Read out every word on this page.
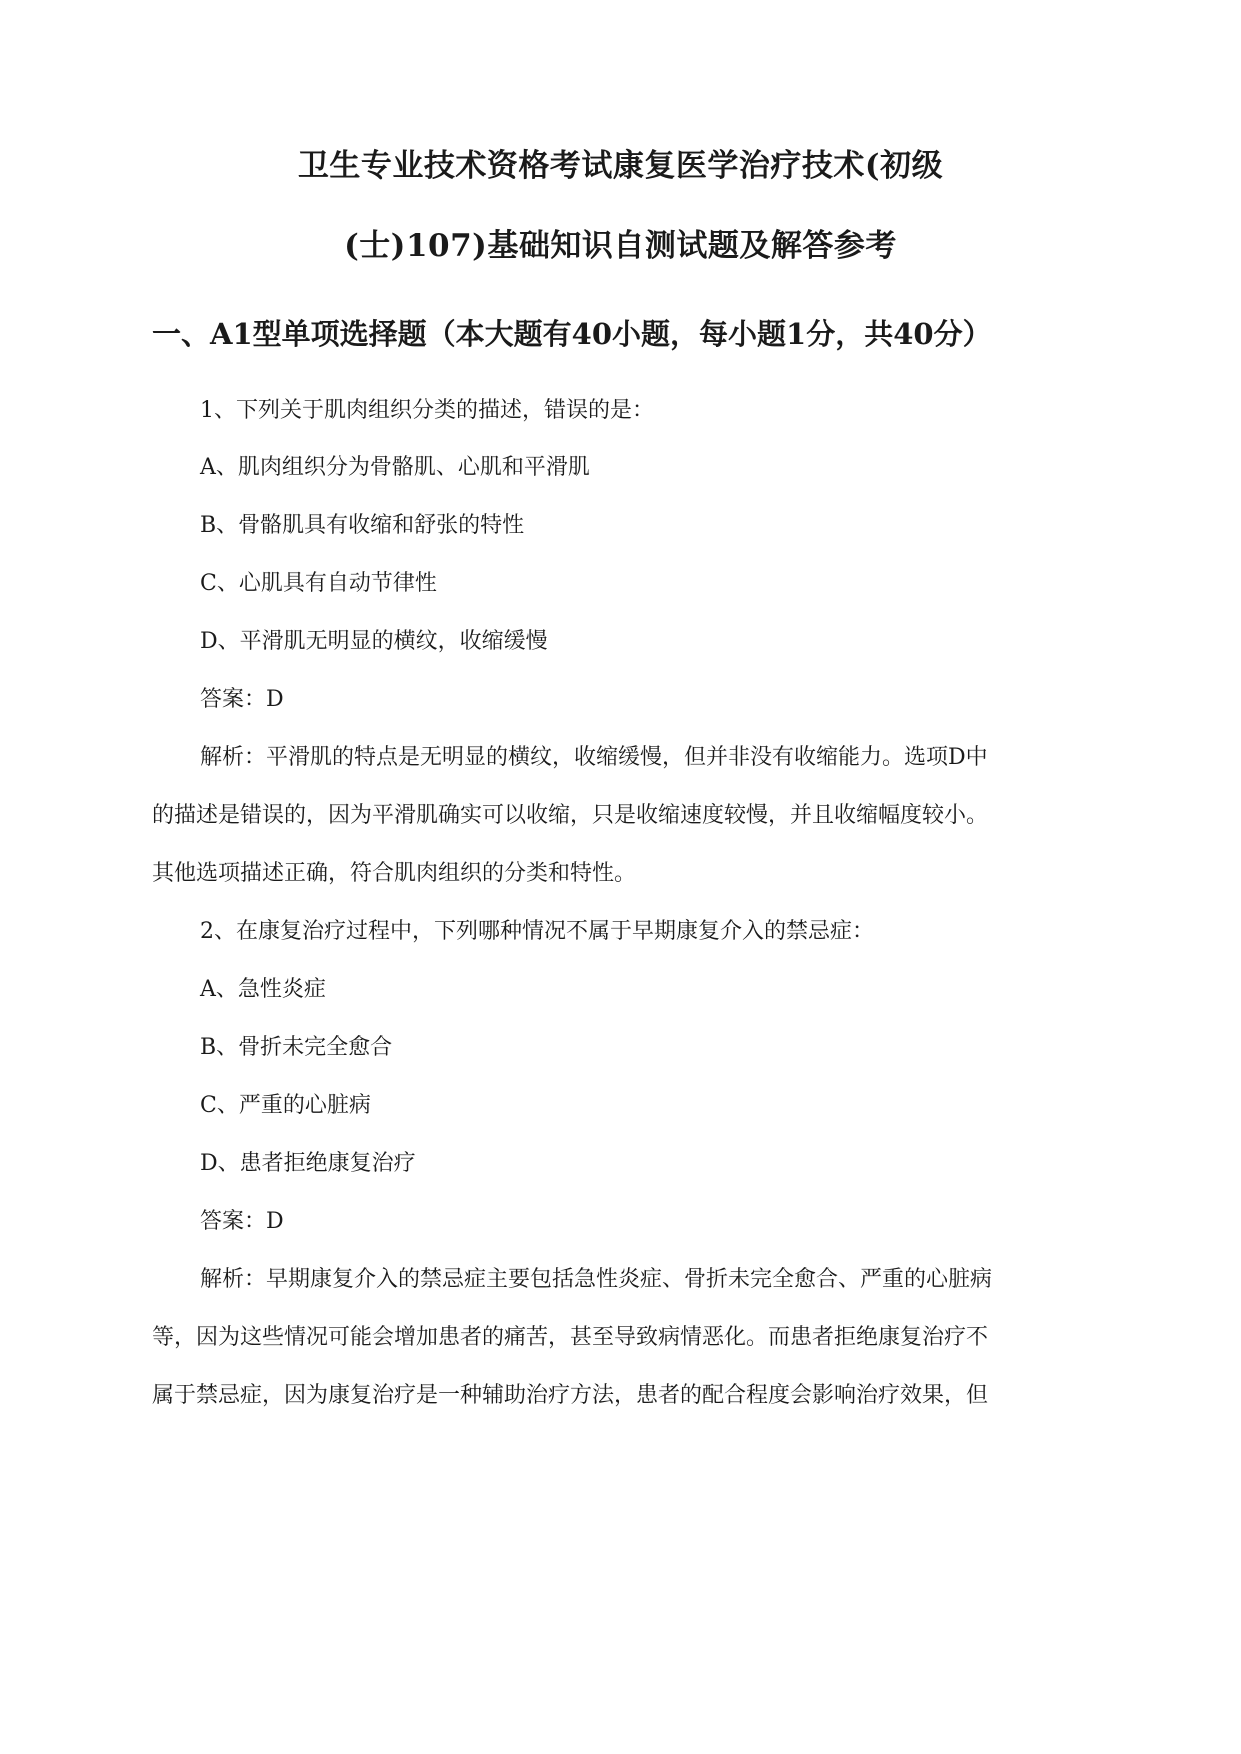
卫生专业技术资格考试康复医学治疗技术(初级
(士)107)基础知识自测试题及解答参考
一、A1型单项选择题（本大题有40小题，每小题1分，共40分）
1、下列关于肌肉组织分类的描述，错误的是：
A、肌肉组织分为骨骼肌、心肌和平滑肌
B、骨骼肌具有收缩和舒张的特性
C、心肌具有自动节律性
D、平滑肌无明显的横纹，收缩缓慢
答案：D
解析：平滑肌的特点是无明显的横纹，收缩缓慢，但并非没有收缩能力。选项D中
的描述是错误的，因为平滑肌确实可以收缩，只是收缩速度较慢，并且收缩幅度较小。
其他选项描述正确，符合肌肉组织的分类和特性。
2、在康复治疗过程中，下列哪种情况不属于早期康复介入的禁忌症：
A、急性炎症
B、骨折未完全愈合
C、严重的心脏病
D、患者拒绝康复治疗
答案：D
解析：早期康复介入的禁忌症主要包括急性炎症、骨折未完全愈合、严重的心脏病
等，因为这些情况可能会增加患者的痛苦，甚至导致病情恶化。而患者拒绝康复治疗不
属于禁忌症，因为康复治疗是一种辅助治疗方法，患者的配合程度会影响治疗效果，但
